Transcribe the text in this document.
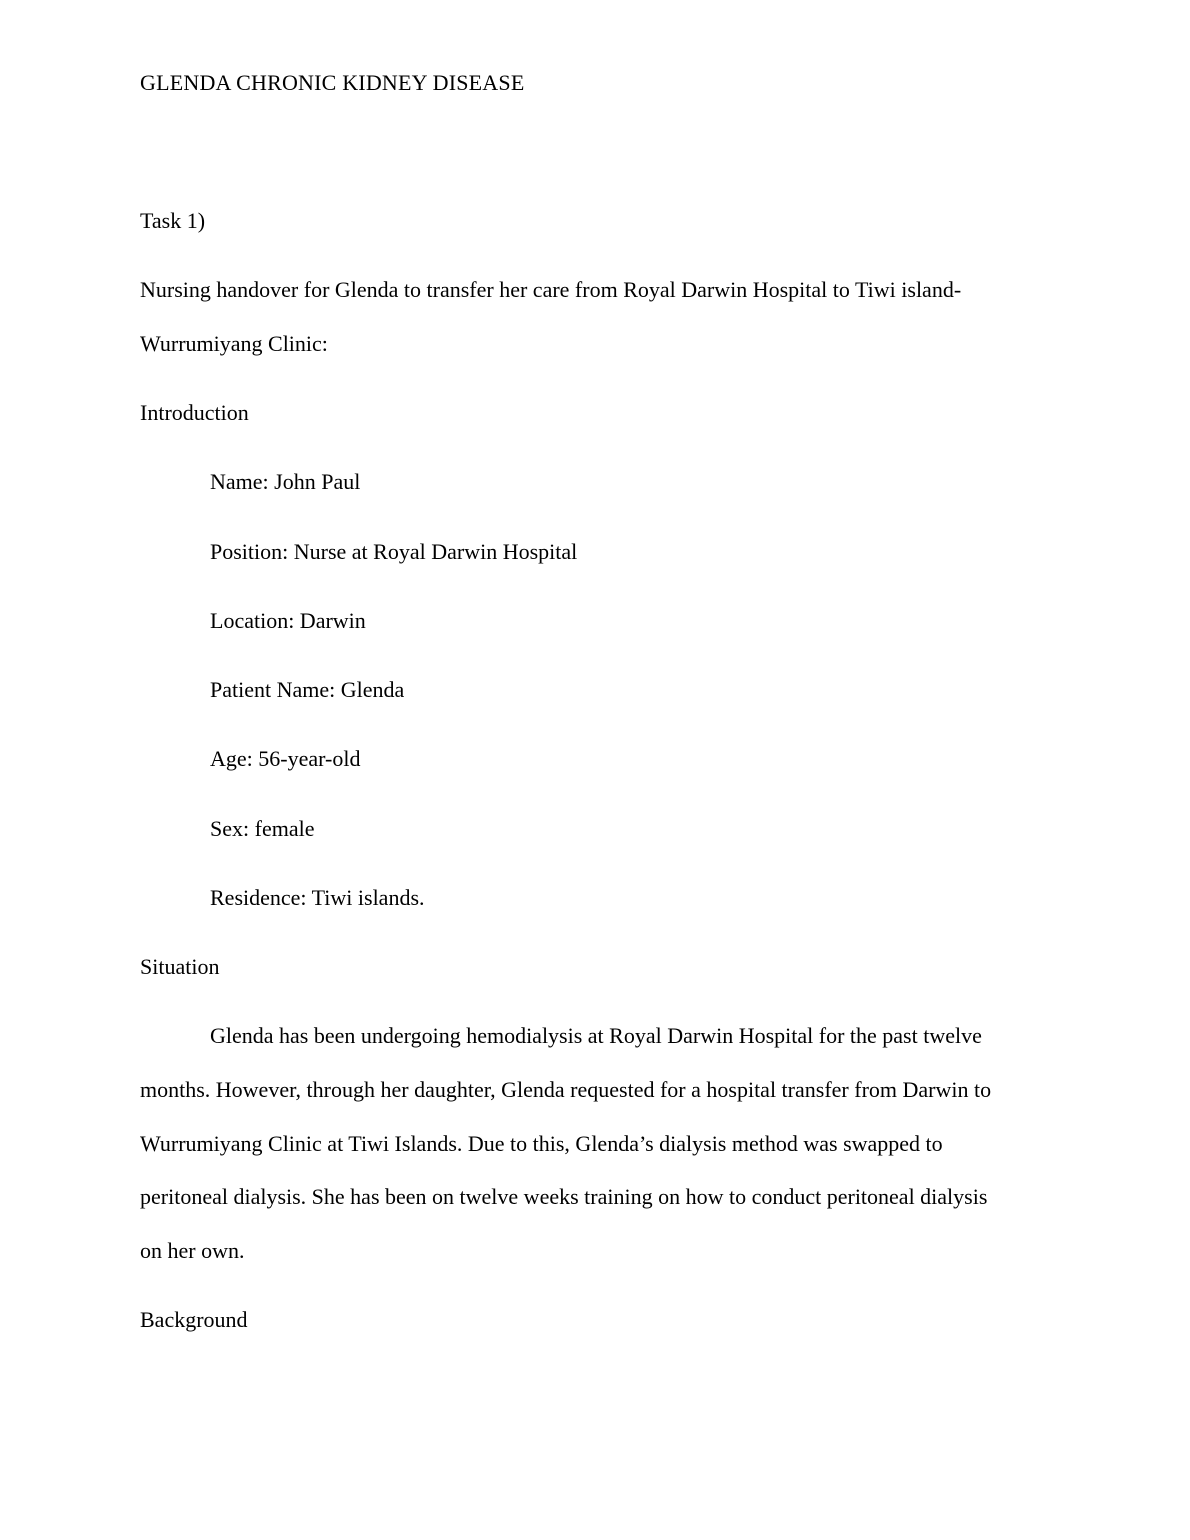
GLENDA CHRONIC KIDNEY DISEASE
Task 1)
Nursing handover for Glenda to transfer her care from Royal Darwin Hospital to Tiwi island-
Wurrumiyang Clinic:
Introduction
Name: John Paul
Position: Nurse at Royal Darwin Hospital
Location: Darwin
Patient Name: Glenda
Age: 56-year-old
Sex: female
Residence: Tiwi islands.
Situation
Glenda has been undergoing hemodialysis at Royal Darwin Hospital for the past twelve
months. However, through her daughter, Glenda requested for a hospital transfer from Darwin to
Wurrumiyang Clinic at Tiwi Islands. Due to this, Glenda’s dialysis method was swapped to
peritoneal dialysis. She has been on twelve weeks training on how to conduct peritoneal dialysis
on her own.
Background
